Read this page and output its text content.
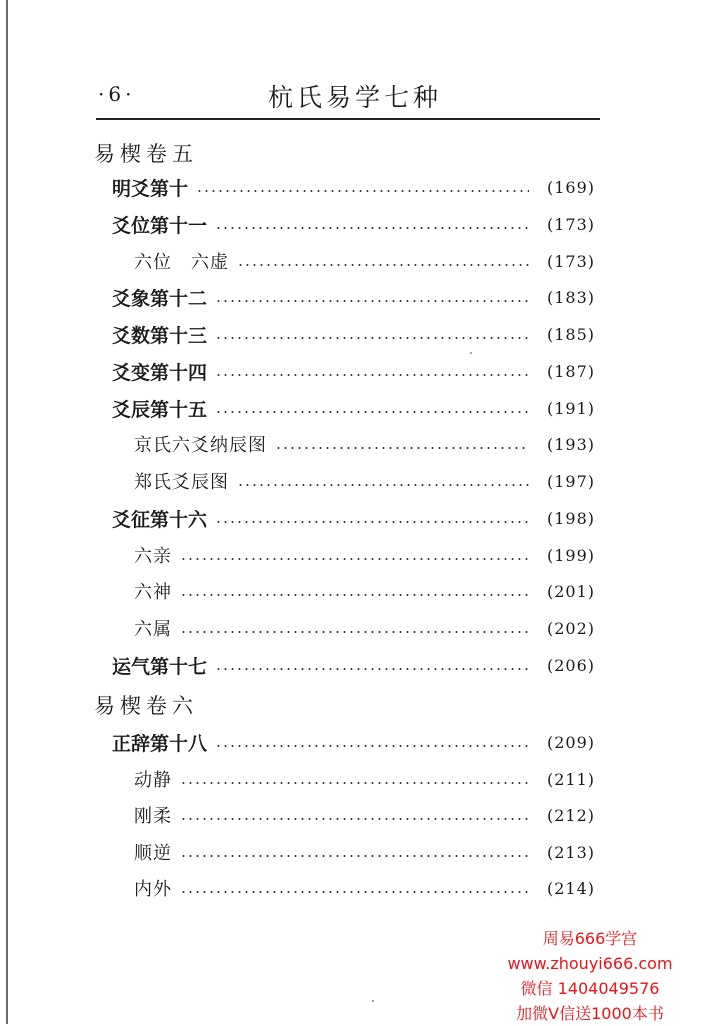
·6·	杭氏易学七种
易楔卷五
明爻第十	(169)
爻位第十一	(173)
六位　六虚	(173)
爻象第十二	(183)
爻数第十三	(185)
爻变第十四	(187)
爻辰第十五	(191)
京氏六爻纳辰图	(193)
郑氏爻辰图	(197)
爻征第十六	(198)
六亲	(199)
六神	(201)
六属	(202)
运气第十七	(206)
易楔卷六
正辞第十八	(209)
动静	(211)
刚柔	(212)
顺逆	(213)
内外	(214)
周易666学宫
www.zhouyi666.com
微信 1404049576
加微V信送1000本书
